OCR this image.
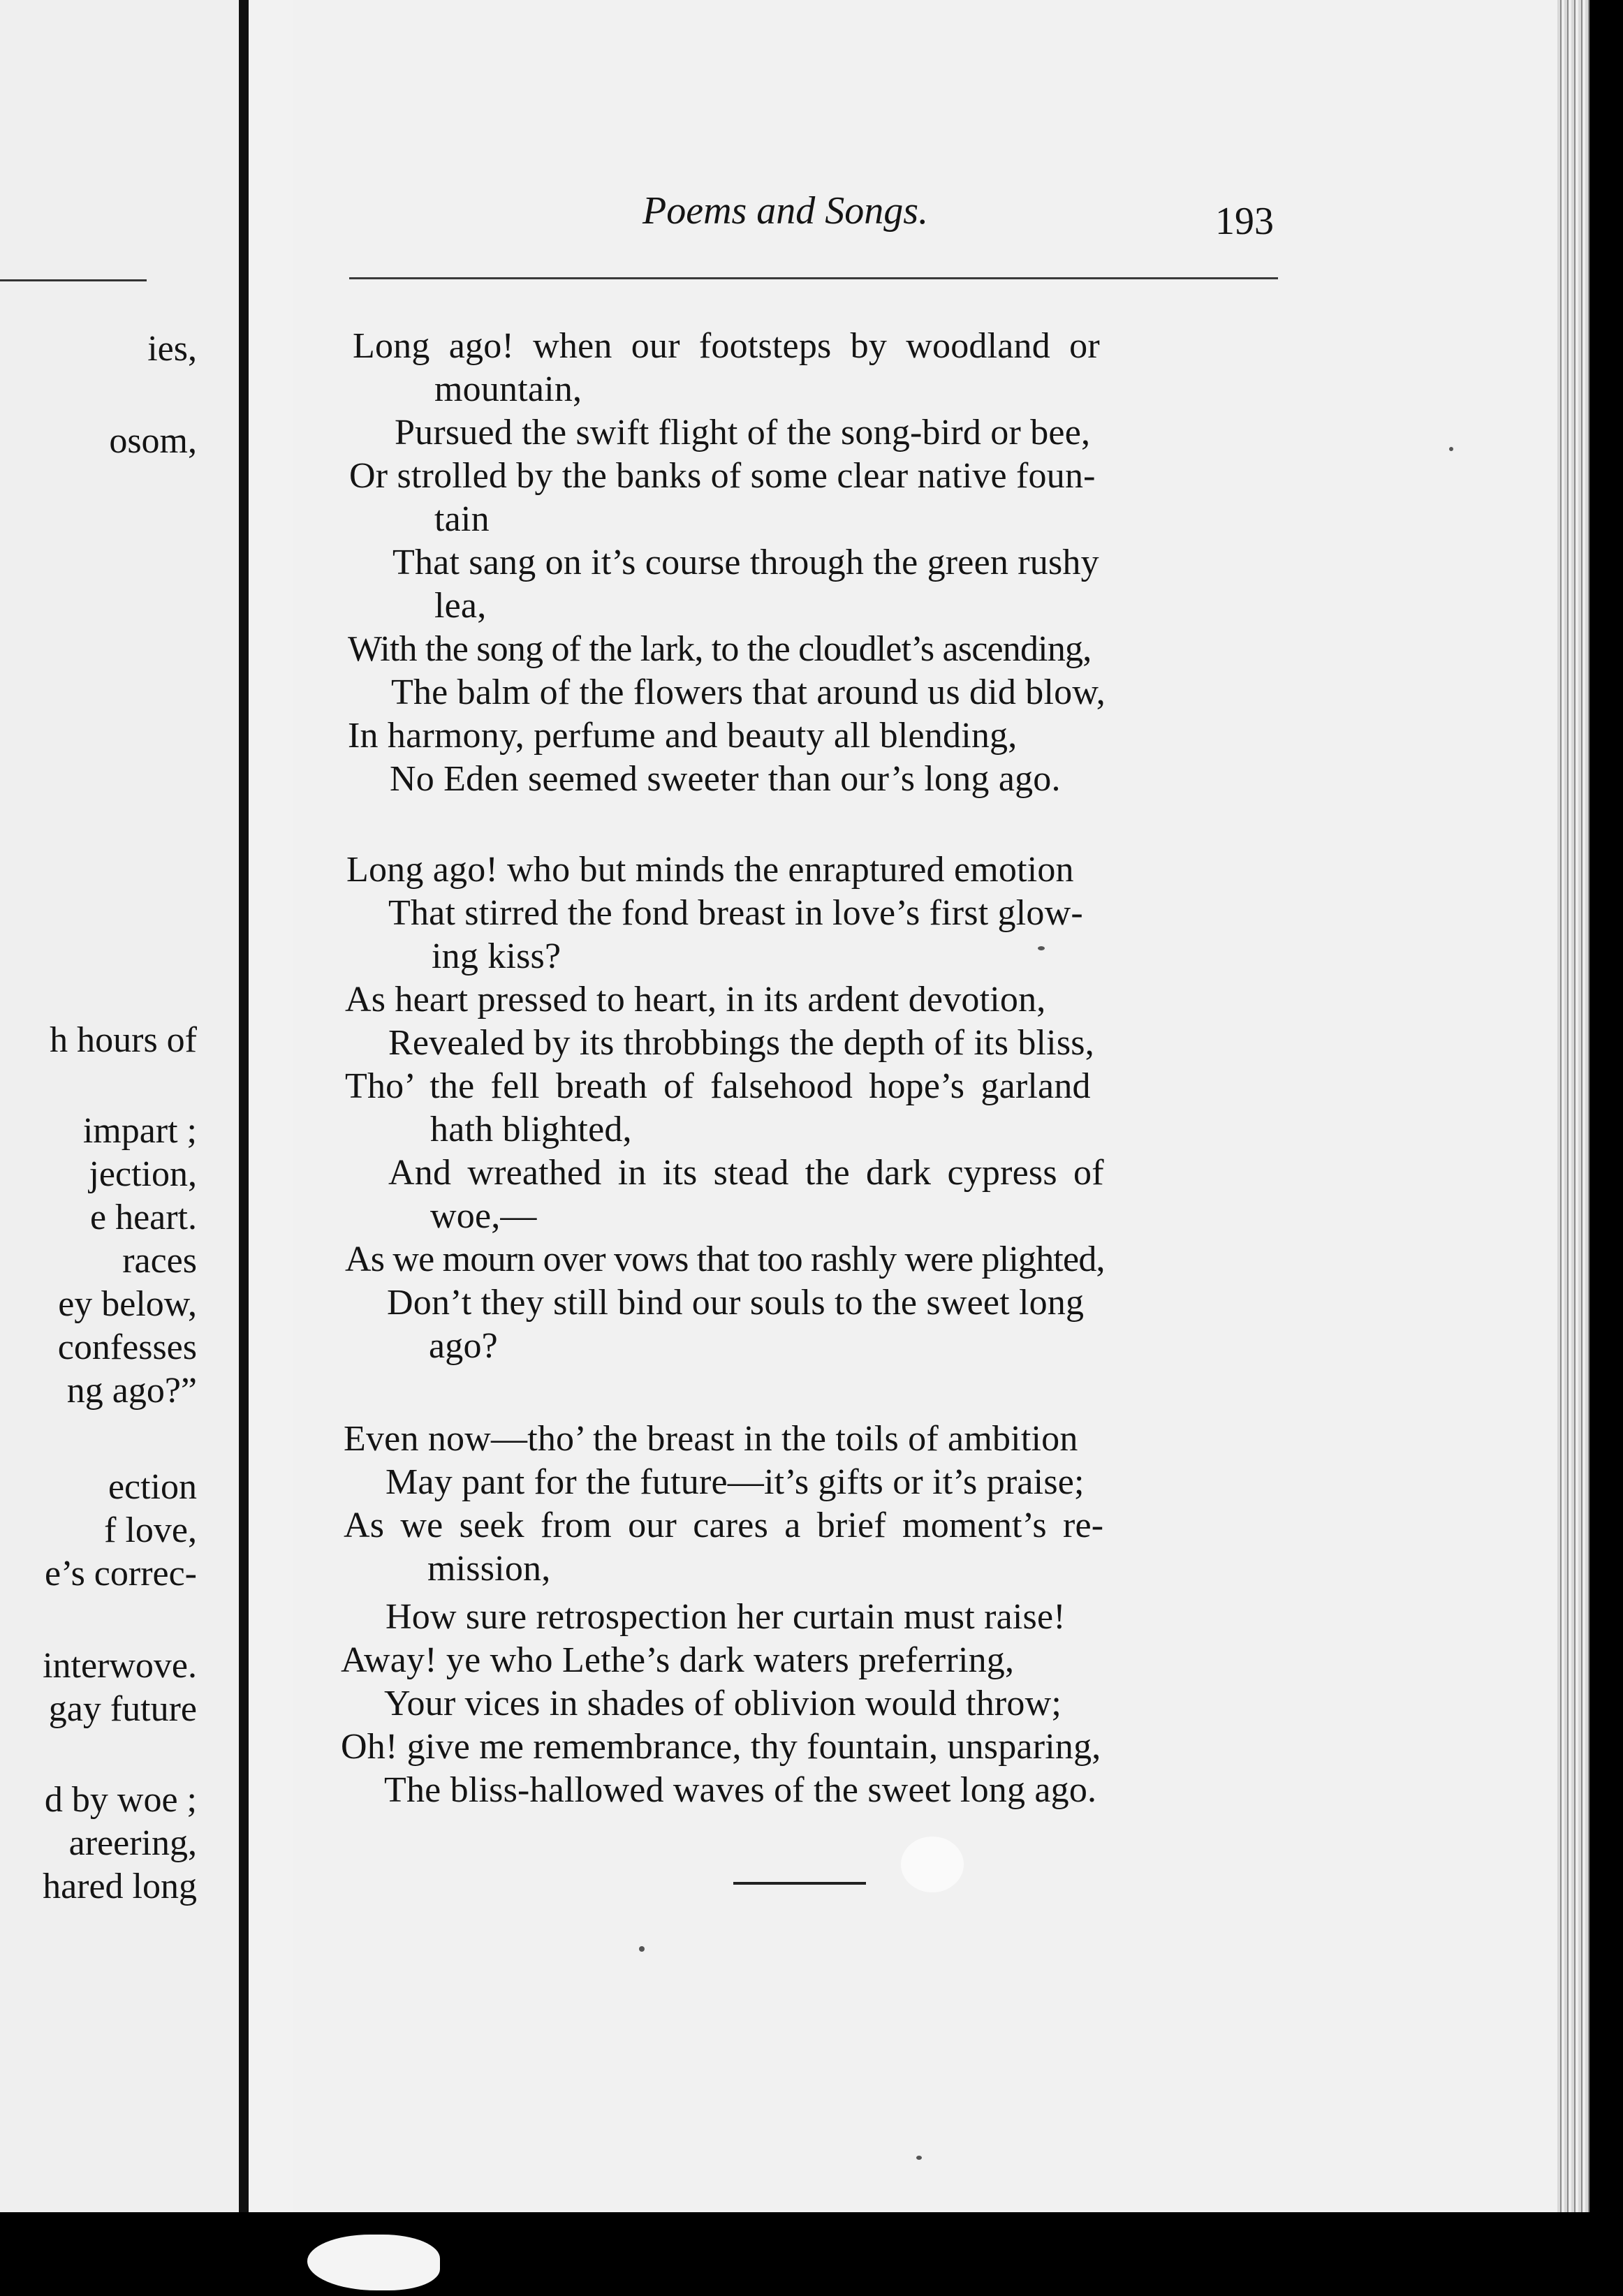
ies,
osom,
h hours of
impart ;
jection,
e heart.
races
ey below,
confesses
ng ago?”
ection
f love,
e’s correc-
interwove.
gay future
d by woe ;
areering,
hared long
Poems and Songs.	193
Long ago! when our footsteps by woodland or
mountain,
Pursued the swift flight of the song-bird or bee,
Or strolled by the banks of some clear native foun-
tain
That sang on it’s course through the green rushy
lea,
With the song of the lark, to the cloudlet’s ascending,
The balm of the flowers that around us did blow,
In harmony, perfume and beauty all blending,
No Eden seemed sweeter than our’s long ago.
Long ago! who but minds the enraptured emotion
That stirred the fond breast in love’s first glow-
ing kiss?
As heart pressed to heart, in its ardent devotion,
Revealed by its throbbings the depth of its bliss,
Tho’ the fell breath of falsehood hope’s garland
hath blighted,
And wreathed in its stead the dark cypress of
woe,—
As we mourn over vows that too rashly were plighted,
Don’t they still bind our souls to the sweet long
ago?
Even now—tho’ the breast in the toils of ambition
May pant for the future—it’s gifts or it’s praise;
As we seek from our cares a brief moment’s re-
mission,
How sure retrospection her curtain must raise!
Away! ye who Lethe’s dark waters preferring,
Your vices in shades of oblivion would throw;
Oh! give me remembrance, thy fountain, unsparing,
The bliss-hallowed waves of the sweet long ago.
